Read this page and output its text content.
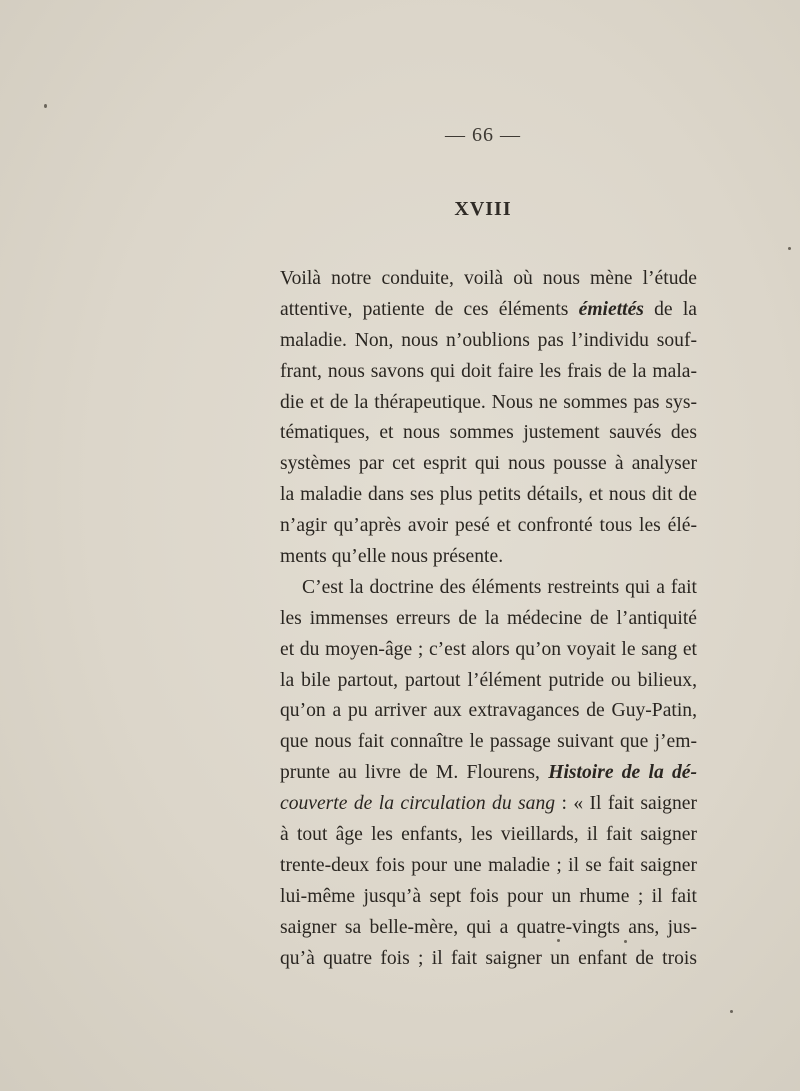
— 66 —
XVIII
Voilà notre conduite, voilà où nous mène l’étude
attentive, patiente de ces éléments émiettés de la
maladie. Non, nous n’oublions pas l’individu souf-
frant, nous savons qui doit faire les frais de la mala-
die et de la thérapeutique. Nous ne sommes pas sys-
tématiques, et nous sommes justement sauvés des
systèmes par cet esprit qui nous pousse à analyser
la maladie dans ses plus petits détails, et nous dit de
n’agir qu’après avoir pesé et confronté tous les élé-
ments qu’elle nous présente.
C’est la doctrine des éléments restreints qui a fait
les immenses erreurs de la médecine de l’antiquité
et du moyen-âge ; c’est alors qu’on voyait le sang et
la bile partout, partout l’élément putride ou bilieux,
qu’on a pu arriver aux extravagances de Guy-Patin,
que nous fait connaître le passage suivant que j’em-
prunte au livre de M. Flourens, Histoire de la dé-
couverte de la circulation du sang : « Il fait saigner
à tout âge les enfants, les vieillards, il fait saigner
trente-deux fois pour une maladie ; il se fait saigner
lui-même jusqu’à sept fois pour un rhume ; il fait
saigner sa belle-mère, qui a quatre-vingts ans, jus-
qu’à quatre fois ; il fait saigner un enfant de trois
